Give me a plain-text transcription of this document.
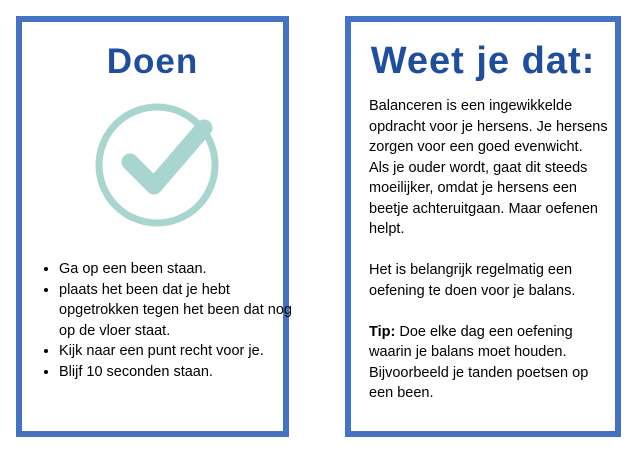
Doen
• Ga op een been staan.
• plaats het been dat je hebt opgetrokken tegen het been dat nog op de vloer staat.
• Kijk naar een punt recht voor je.
• Blijf 10 seconden staan.
Weet je dat:

Balanceren is een ingewikkelde opdracht voor je hersens. Je hersens zorgen voor een goed evenwicht.

Als je ouder wordt, gaat dit steeds moeilijker, omdat je hersens een beetje achteruitgaan. Maar oefenen helpt.

Het is belangrijk regelmatig een oefening te doen voor je balans.

Tip: Doe elke dag een oefening waarin je balans moet houden. Bijvoorbeeld je tanden poetsen op een been.
